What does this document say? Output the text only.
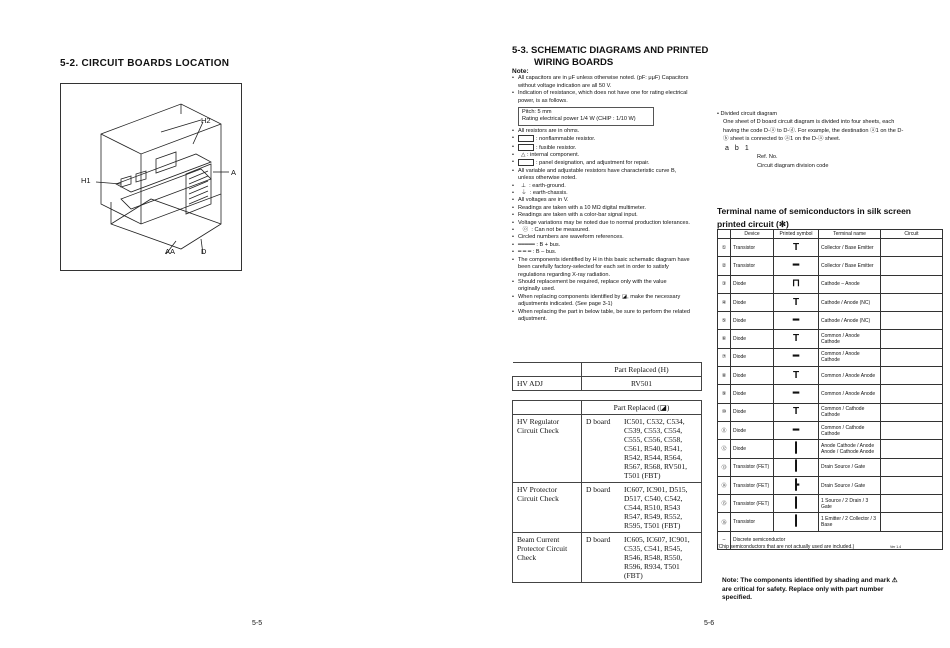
5-2. CIRCUIT BOARDS LOCATION
H2
H1
A
AA	D
5-5
5-3. SCHEMATIC DIAGRAMS AND PRINTED
WIRING BOARDS
Note:
• All capacitors are in μF unless otherwise noted. (pF: μμF) Capacitors without voltage indication are all 50 V.
• Indication of resistance, which does not have one for rating electrical power, is as follows.
Pitch: 5 mm
Rating electrical power 1/4 W (CHIP : 1/10 W)
• All resistors are in ohms.
• : nonflammable resistor.
• : fusible resistor.
•   △ : internal component.
• : panel designation, and adjustment for repair.
• All variable and adjustable resistors have characteristic curve B, unless otherwise noted.
•   ⊥  : earth-ground.
•   ⏚  : earth-chassis.
• All voltages are in V.
• Readings are taken with a 10 MΩ digital multimeter.
• Readings are taken with a color-bar signal input.
• Voltage variations may be noted due to normal production tolerances.
•    ⓞ  : Can not be measured.
• Circled numbers are waveform references.
• ━━━━━ : B + bus.
• ━ ━ ━ : B – bus.
• The components identified by H in this basic schematic diagram have been carefully factory-selected for each set in order to satisfy regulations regarding X-ray radiation.
• Should replacement be required, replace only with the value originally used.
• When replacing components identified by ◪, make the necessary adjustments indicated. (See page 3-1)
• When replacing the part in below table, be sure to perform the related adjustment.
	Part Replaced (H)
HV ADJ	RV501
	Part Replaced (◪)	
HV Regulator Circuit Check	D board	IC501, C532, C534, C539, C553, C554, C555, C556, C558, C561, R540, R541, R542, R544, R564, R567, R568, RV501, T501 (FBT)
HV Protector Circuit Check	D board	IC607, IC901, D515, D517, C540, C542, C544, R510, R543 R547, R549, R552, R595, T501 (FBT)
Beam Current Protector Circuit Check	D board	IC605, IC607, IC901, C535, C541, R545, R546, R548, R550, R596, R934, T501 (FBT)
5-6
• Divided circuit diagram
One sheet of D board circuit diagram is divided into four sheets, each having the code D-ⓐ to D-ⓓ. For example, the destination ⓐ1 on the D-ⓑ sheet is connected to ⓐ1 on the D-ⓐ sheet.
a b 1
Ref. No.
Circuit diagram division code
Terminal name of semiconductors in silk screen printed circuit (✻)
	Device	Printed symbol	Terminal name	Circuit
①	Transistor	T	Collector / Base Emitter	
②	Transistor	━	Collector / Base Emitter	
③	Diode	⊓	Cathode – Anode	
④	Diode	T	Cathode / Anode (NC)	
⑤	Diode	━	Cathode / Anode (NC)	
⑥	Diode	T	Common / Anode Cathode	
⑦	Diode	━	Common / Anode Cathode	
⑧	Diode	T	Common / Anode Anode	
⑨	Diode	━	Common / Anode Anode	
⑩	Diode	T	Common / Cathode Cathode	
⑪	Diode	━	Common / Cathode Cathode	
⑫	Diode	┃	Anode Cathode / Anode Anode / Cathode Anode	
⑬	Transistor (FET)	┃	Drain Source / Gate	
⑭	Transistor (FET)	┣	Drain Source / Gate	
⑮	Transistor (FET)	┃	1 Source / 2 Drain / 3 Gate	
⑯	Transistor	┃	1 Emitter / 2 Collector / 3 Base	
–	Discrete semiconductor			
(Chip semiconductors that are not actually used are included.)	Ver 1.4
Note: The components identified by shading and mark ⚠ are critical for safety. Replace only with part number specified.
